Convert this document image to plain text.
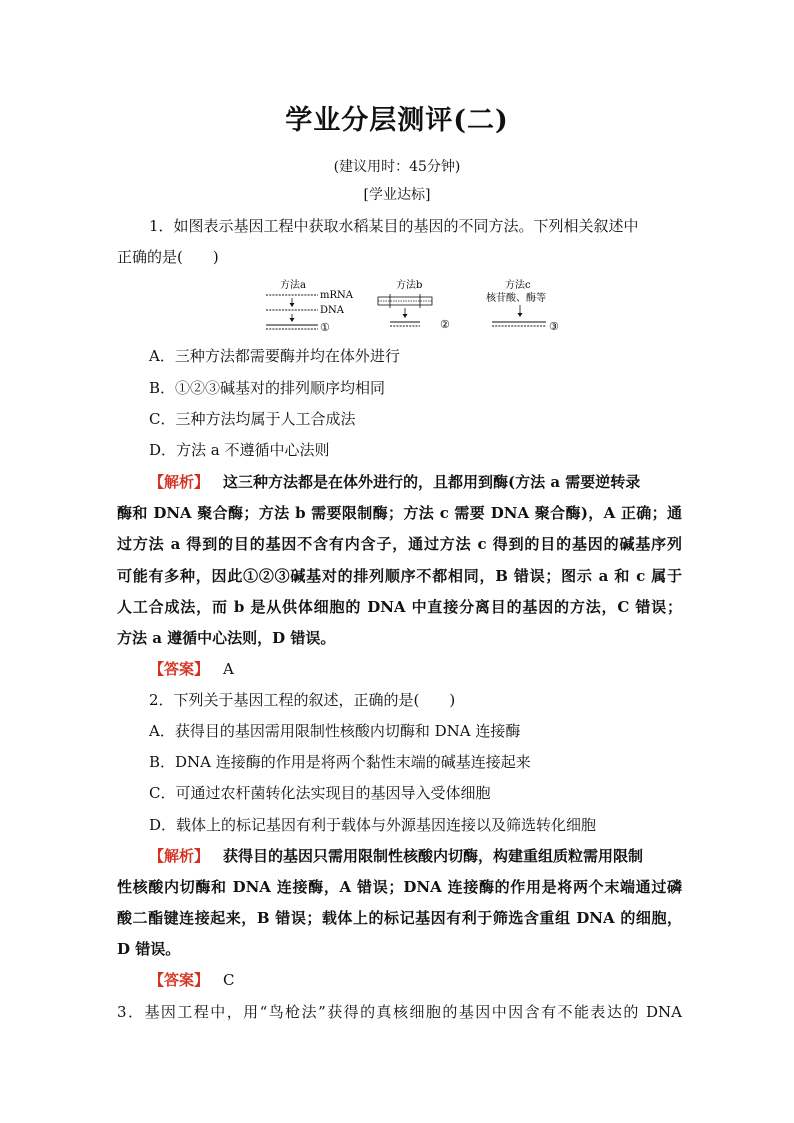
学业分层测评(二)
(建议用时：45分钟)
[学业达标]
1．如图表示基因工程中获取水稻某目的基因的不同方法。下列相关叙述中
正确的是(　　)
方法a
mRNA
DNA
①
方法b
②
方法c
核苷酸、酶等
③
A．三种方法都需要酶并均在体外进行
B．①②③碱基对的排列顺序均相同
C．三种方法均属于人工合成法
D．方法 a 不遵循中心法则
【解析】 这三种方法都是在体外进行的，且都用到酶(方法 a 需要逆转录
酶和 DNA 聚合酶；方法 b 需要限制酶；方法 c 需要 DNA 聚合酶)，A 正确；通
过方法 a 得到的目的基因不含有内含子，通过方法 c 得到的目的基因的碱基序列
可能有多种，因此①②③碱基对的排列顺序不都相同，B 错误；图示 a 和 c 属于
人工合成法，而 b 是从供体细胞的 DNA 中直接分离目的基因的方法，C 错误；
方法 a 遵循中心法则，D 错误。
【答案】 A
2．下列关于基因工程的叙述，正确的是(　　)
A．获得目的基因需用限制性核酸内切酶和 DNA 连接酶
B．DNA 连接酶的作用是将两个黏性末端的碱基连接起来
C．可通过农杆菌转化法实现目的基因导入受体细胞
D．载体上的标记基因有利于载体与外源基因连接以及筛选转化细胞
【解析】 获得目的基因只需用限制性核酸内切酶，构建重组质粒需用限制
性核酸内切酶和 DNA 连接酶，A 错误；DNA 连接酶的作用是将两个末端通过磷
酸二酯键连接起来，B 错误；载体上的标记基因有利于筛选含重组 DNA 的细胞，
D 错误。
【答案】 C
3．基因工程中，用“鸟枪法”获得的真核细胞的基因中因含有不能表达的 DNA
